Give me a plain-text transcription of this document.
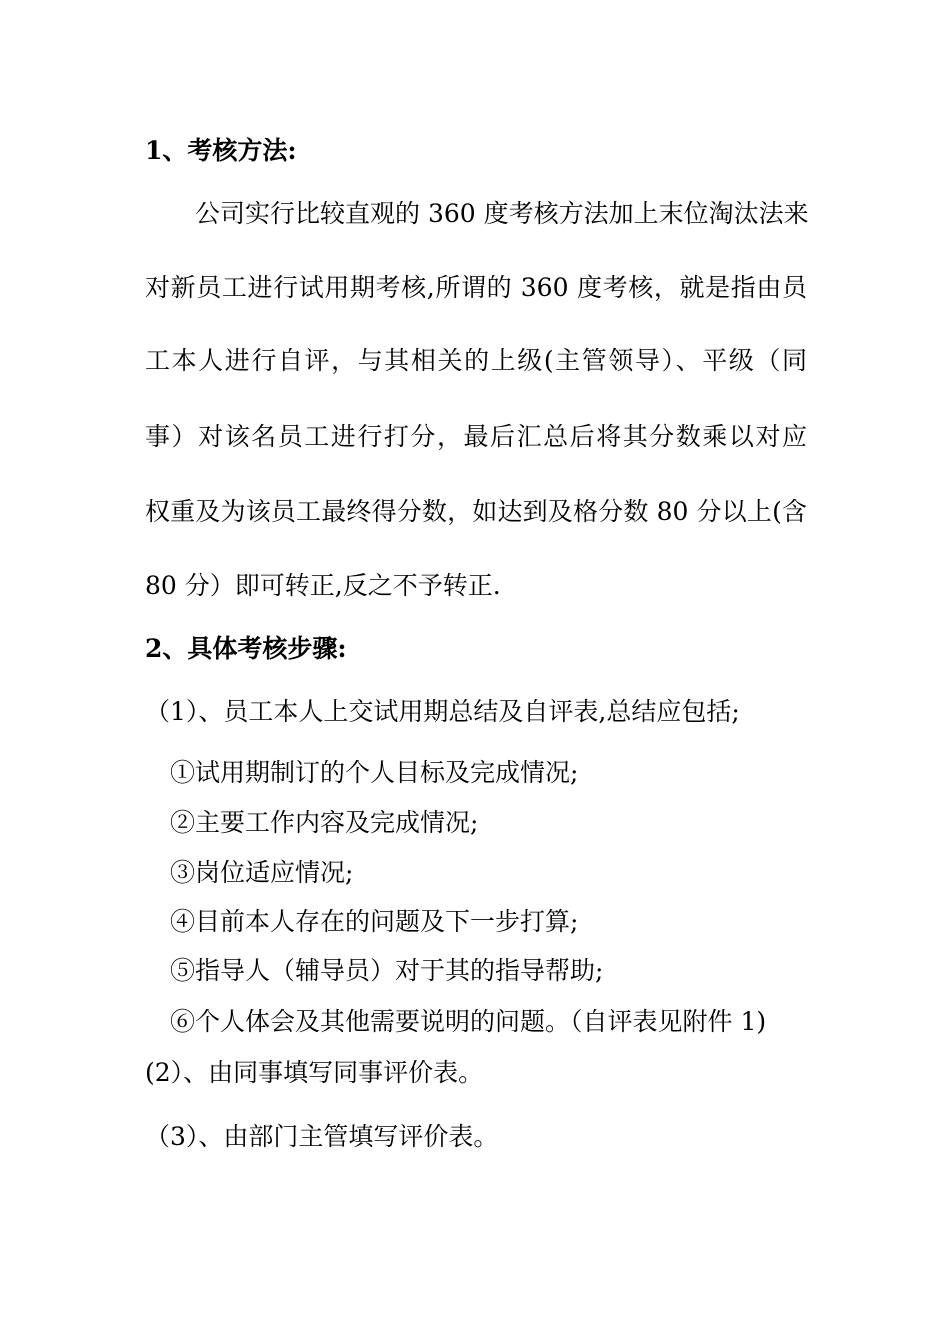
1、考核方法:
公司实行比较直观的 360 度考核方法加上末位淘汰法来
对新员工进行试用期考核,所谓的 360 度考核，就是指由员
工本人进行自评，与其相关的上级(主管领导）、平级（同
事）对该名员工进行打分，最后汇总后将其分数乘以对应
权重及为该员工最终得分数，如达到及格分数 80 分以上(含
80 分）即可转正,反之不予转正.
2、具体考核步骤:
（1）、员工本人上交试用期总结及自评表,总结应包括;
①试用期制订的个人目标及完成情况;
②主要工作内容及完成情况;
③岗位适应情况;
④目前本人存在的问题及下一步打算;
⑤指导人（辅导员）对于其的指导帮助;
⑥个人体会及其他需要说明的问题。（自评表见附件 1)
(2）、由同事填写同事评价表。
（3）、由部门主管填写评价表。
